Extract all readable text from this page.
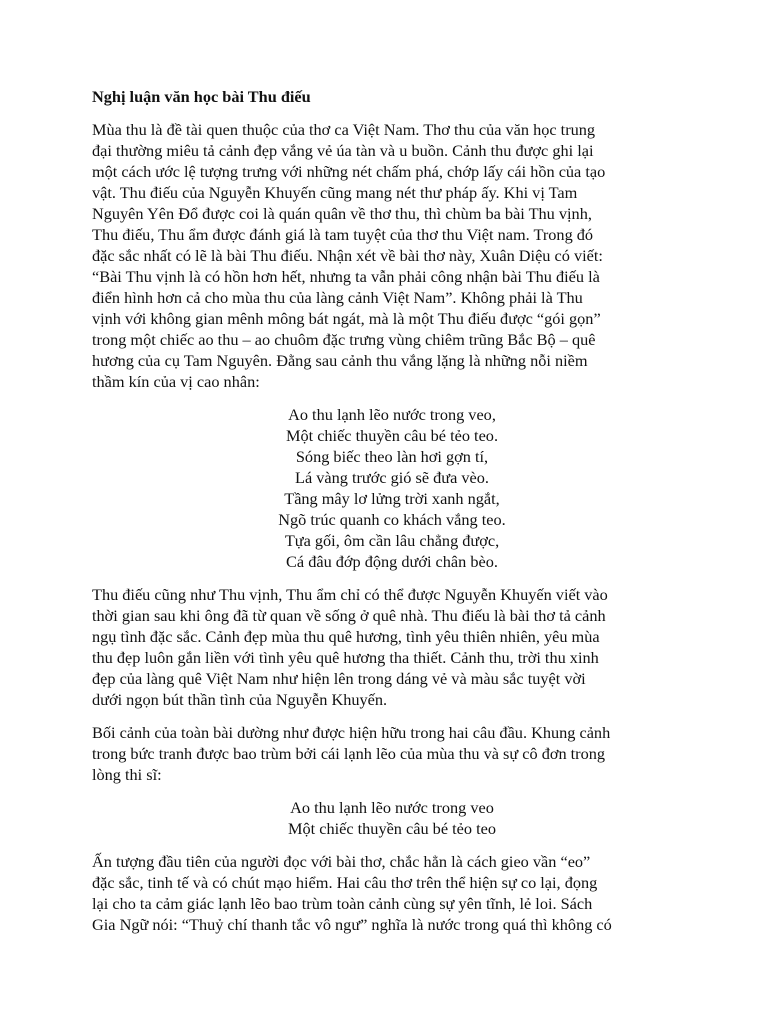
Nghị luận văn học bài Thu điếu
Mùa thu là đề tài quen thuộc của thơ ca Việt Nam. Thơ thu của văn học trung
đại thường miêu tả cảnh đẹp vắng vẻ úa tàn và u buồn. Cảnh thu được ghi lại
một cách ước lệ tượng trưng với những nét chấm phá, chớp lấy cái hồn của tạo
vật. Thu điếu của Nguyễn Khuyến cũng mang nét thư pháp ấy. Khi vị Tam
Nguyên Yên Đổ được coi là quán quân về thơ thu, thì chùm ba bài Thu vịnh,
Thu điếu, Thu ẩm được đánh giá là tam tuyệt của thơ thu Việt nam. Trong đó
đặc sắc nhất có lẽ là bài Thu điếu. Nhận xét về bài thơ này, Xuân Diệu có viết:
“Bài Thu vịnh là có hồn hơn hết, nhưng ta vẫn phải công nhận bài Thu điếu là
điển hình hơn cả cho mùa thu của làng cảnh Việt Nam”. Không phải là Thu
vịnh với không gian mênh mông bát ngát, mà là một Thu điếu được “gói gọn”
trong một chiếc ao thu – ao chuôm đặc trưng vùng chiêm trũng Bắc Bộ – quê
hương của cụ Tam Nguyên. Đằng sau cảnh thu vắng lặng là những nỗi niềm
thầm kín của vị cao nhân:
Ao thu lạnh lẽo nước trong veo,
Một chiếc thuyền câu bé tẻo teo.
Sóng biếc theo làn hơi gợn tí,
Lá vàng trước gió sẽ đưa vèo.
Tầng mây lơ lửng trời xanh ngắt,
Ngõ trúc quanh co khách vắng teo.
Tựa gối, ôm cần lâu chẳng được,
Cá đâu đớp động dưới chân bèo.
Thu điếu cũng như Thu vịnh, Thu ẩm chỉ có thể được Nguyễn Khuyến viết vào
thời gian sau khi ông đã từ quan về sống ở quê nhà. Thu điếu là bài thơ tả cảnh
ngụ tình đặc sắc. Cảnh đẹp mùa thu quê hương, tình yêu thiên nhiên, yêu mùa
thu đẹp luôn gắn liền với tình yêu quê hương tha thiết. Cảnh thu, trời thu xinh
đẹp của làng quê Việt Nam như hiện lên trong dáng vẻ và màu sắc tuyệt vời
dưới ngọn bút thần tình của Nguyễn Khuyến.
Bối cảnh của toàn bài dường như được hiện hữu trong hai câu đầu. Khung cảnh
trong bức tranh được bao trùm bởi cái lạnh lẽo của mùa thu và sự cô đơn trong
lòng thi sĩ:
Ao thu lạnh lẽo nước trong veo
Một chiếc thuyền câu bé tẻo teo
Ấn tượng đầu tiên của người đọc với bài thơ, chắc hẳn là cách gieo vần “eo”
đặc sắc, tinh tế và có chút mạo hiểm. Hai câu thơ trên thể hiện sự co lại, đọng
lại cho ta cảm giác lạnh lẽo bao trùm toàn cảnh cùng sự yên tĩnh, lẻ loi. Sách
Gia Ngữ nói: “Thuỷ chí thanh tắc vô ngư” nghĩa là nước trong quá thì không có
